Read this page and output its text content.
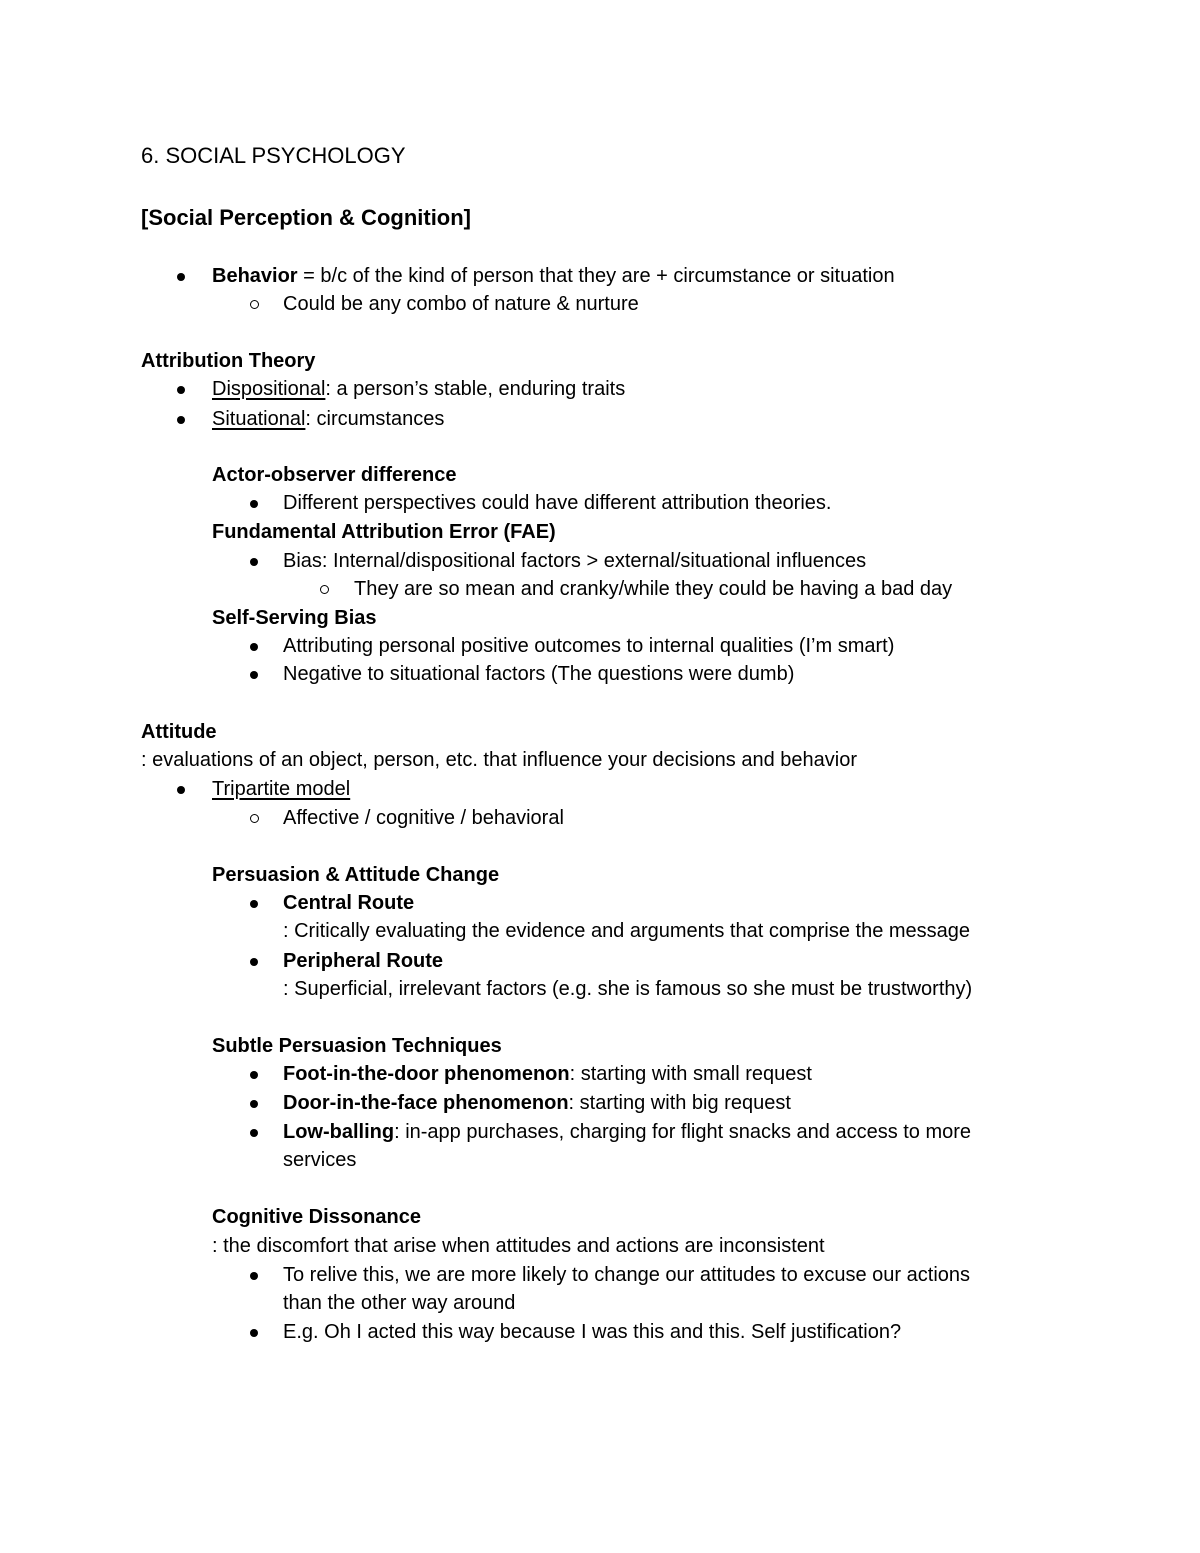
6. SOCIAL PSYCHOLOGY
[Social Perception & Cognition]
Behavior = b/c of the kind of person that they are + circumstance or situation
Could be any combo of nature & nurture
Attribution Theory
Dispositional: a person’s stable, enduring traits
Situational: circumstances
Actor-observer difference
Different perspectives could have different attribution theories.
Fundamental Attribution Error (FAE)
Bias: Internal/dispositional factors > external/situational influences
They are so mean and cranky/while they could be having a bad day
Self-Serving Bias
Attributing personal positive outcomes to internal qualities (I’m smart)
Negative to situational factors (The questions were dumb)
Attitude
: evaluations of an object, person, etc. that influence your decisions and behavior
Tripartite model
Affective / cognitive / behavioral
Persuasion & Attitude Change
Central Route
: Critically evaluating the evidence and arguments that comprise the message
Peripheral Route
: Superficial, irrelevant factors (e.g. she is famous so she must be trustworthy)
Subtle Persuasion Techniques
Foot-in-the-door phenomenon: starting with small request
Door-in-the-face phenomenon: starting with big request
Low-balling: in-app purchases, charging for flight snacks and access to more
services
Cognitive Dissonance
: the discomfort that arise when attitudes and actions are inconsistent
To relive this, we are more likely to change our attitudes to excuse our actions
than the other way around
E.g. Oh I acted this way because I was this and this. Self justification?
